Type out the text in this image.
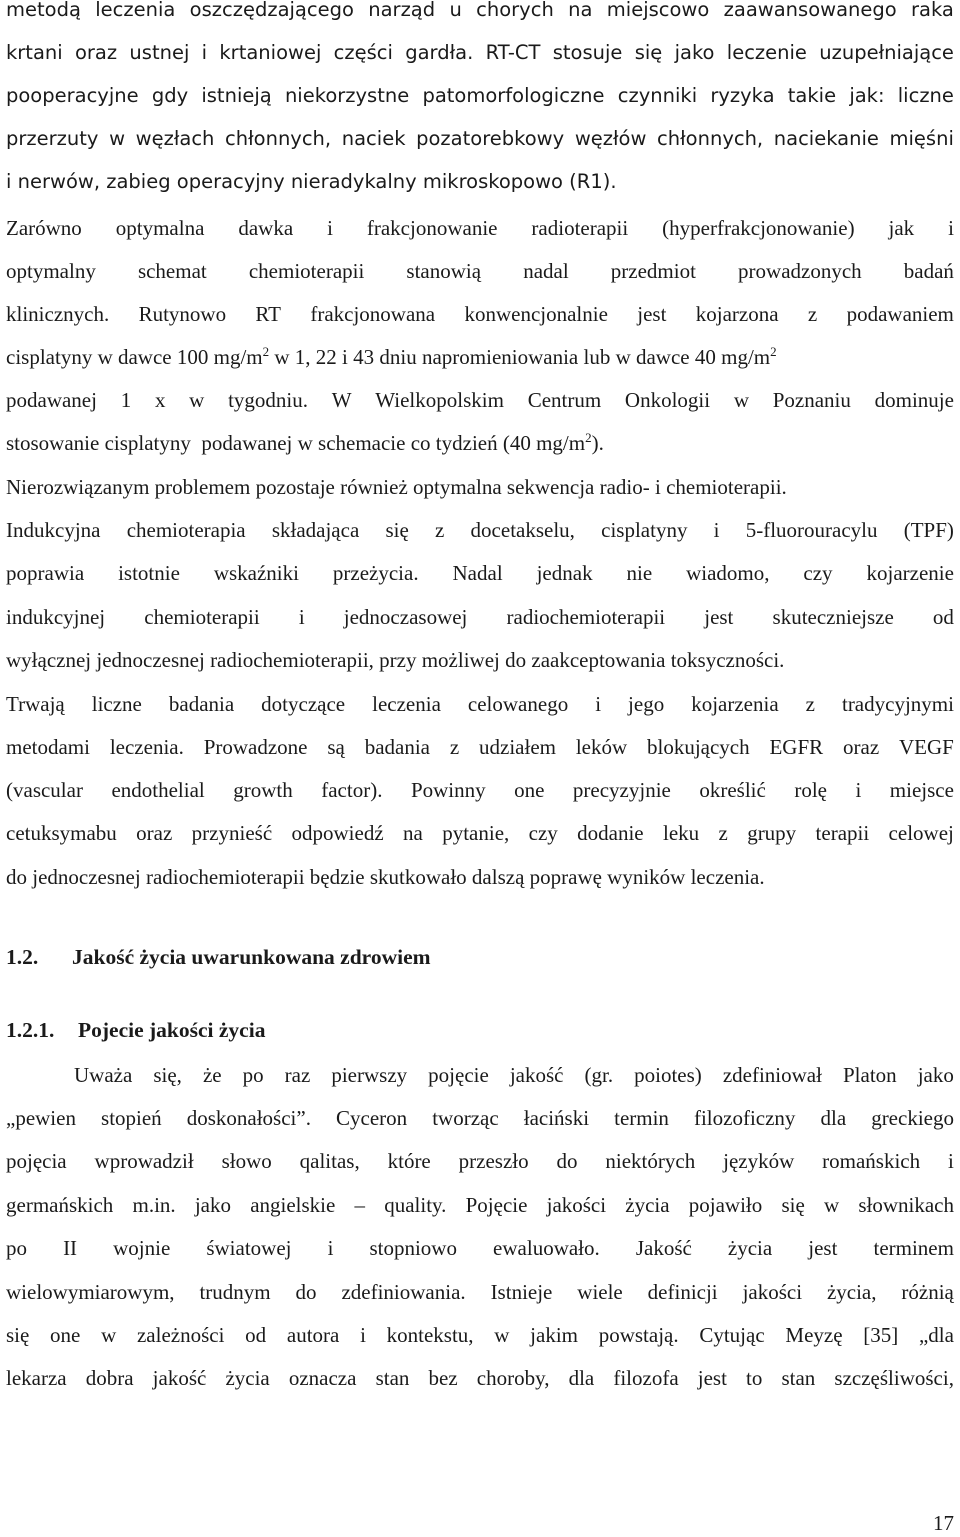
metodą leczenia oszczędzającego narząd u chorych na miejscowo zaawansowanego raka
krtani oraz ustnej i krtaniowej części gardła. RT-CT stosuje się jako leczenie uzupełniające
pooperacyjne gdy istnieją niekorzystne patomorfologiczne czynniki ryzyka takie jak: liczne
przerzuty w węzłach chłonnych, naciek pozatorebkowy węzłów chłonnych, naciekanie mięśni
i nerwów, zabieg operacyjny nieradykalny mikroskopowo (R1).
Zarówno optymalna dawka i frakcjonowanie radioterapii (hyperfrakcjonowanie) jak i
optymalny schemat chemioterapii stanowią nadal przedmiot prowadzonych badań
klinicznych. Rutynowo RT frakcjonowana konwencjonalnie jest kojarzona z podawaniem
cisplatyny w dawce 100 $mg/m^2$ w 1, 22 i 43 dniu napromieniowania lub w dawce 40 $mg/m^2$
podawanej 1 x w tygodniu. W Wielkopolskim Centrum Onkologii w Poznaniu dominuje
stosowanie cisplatyny  podawanej w schemacie co tydzień (40 $mg/m^2$).
Nierozwiązanym problemem pozostaje również optymalna sekwencja radio- i chemioterapii.
Indukcyjna chemioterapia składająca się z docetakselu, cisplatyny i 5-fluorouracylu (TPF)
poprawia istotnie wskaźniki przeżycia. Nadal jednak nie wiadomo, czy kojarzenie
indukcyjnej chemioterapii i jednoczasowej radiochemioterapii jest skuteczniejsze od
wyłącznej jednoczesnej radiochemioterapii, przy możliwej do zaakceptowania toksyczności.
Trwają liczne badania dotyczące leczenia celowanego i jego kojarzenia z tradycyjnymi
metodami leczenia. Prowadzone są badania z udziałem leków blokujących EGFR oraz VEGF
(vascular endothelial growth factor). Powinny one precyzyjnie określić rolę i miejsce
cetuksymabu oraz przynieść odpowiedź na pytanie, czy dodanie leku z grupy terapii celowej
do jednoczesnej radiochemioterapii będzie skutkowało dalszą poprawę wyników leczenia.
1.2. Jakość życia uwarunkowana zdrowiem
1.2.1. Pojecie jakości życia
Uważa się, że po raz pierwszy pojęcie jakość (gr. poiotes) zdefiniował Platon jako
„pewien stopień doskonałości”. Cyceron tworząc łaciński termin filozoficzny dla greckiego
pojęcia wprowadził słowo qalitas, które przeszło do niektórych języków romańskich i
germańskich m.in. jako angielskie – quality. Pojęcie jakości życia pojawiło się w słownikach
po II wojnie światowej i stopniowo ewaluowało. Jakość życia jest terminem
wielowymiarowym, trudnym do zdefiniowania. Istnieje wiele definicji jakości życia, różnią
się one w zależności od autora i kontekstu, w jakim powstają. Cytując Meyzę [35] „dla
lekarza dobra jakość życia oznacza stan bez choroby, dla filozofa jest to stan szczęśliwości,
17
